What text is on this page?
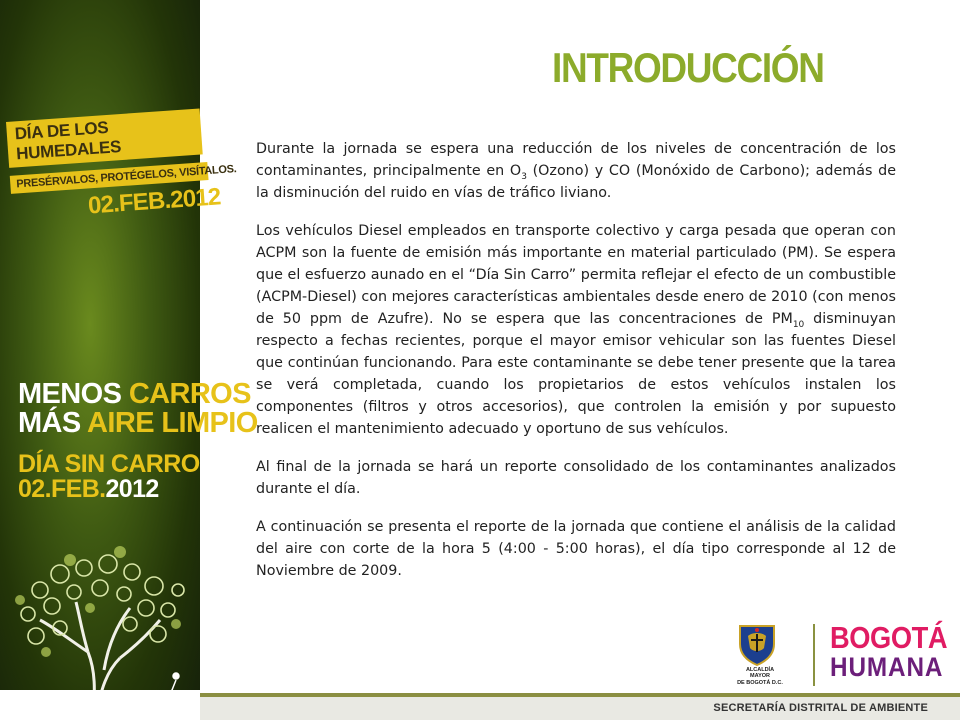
DÍA DE LOS HUMEDALES
PRESÉRVALOS, PROTÉGELOS, VISÍTALOS.
02.FEB.2012
MENOS CARROS
MÁS AIRE LIMPIO
DÍA SIN CARRO
02.FEB.2012
INTRODUCCIÓN

Durante la jornada se espera una reducción de los niveles de concentración de los contaminantes, principalmente en $O_3$ (Ozono) y CO (Monóxido de Carbono); además de la disminución del ruido en vías de tráfico liviano.

Los vehículos Diesel empleados en transporte colectivo y carga pesada que operan con ACPM son la fuente de emisión más importante en material particulado (PM). Se espera que el esfuerzo aunado en el “Día Sin Carro” permita reflejar el efecto de un combustible (ACPM-Diesel) con mejores características ambientales desde enero de 2010 (con menos de 50 ppm de Azufre). No se espera que las concentraciones de $PM_{10}$ disminuyan respecto a fechas recientes, porque el mayor emisor vehicular son las fuentes Diesel que continúan funcionando. Para este contaminante se debe tener presente que la tarea se verá completada, cuando los propietarios de estos vehículos instalen los componentes (filtros y otros accesorios), que controlen la emisión y por supuesto realicen el mantenimiento adecuado y oportuno de sus vehículos.

Al final de la jornada se hará un reporte consolidado de los contaminantes analizados durante el día.

A continuación se presenta el reporte de la jornada que contiene el análisis de la calidad del aire con corte de la hora 5 (4:00 - 5:00 horas), el día tipo corresponde al 12 de Noviembre de 2009.

ALCALDÍA MAYOR
DE BOGOTÁ D.C.
BOGOTÁ
HUMANA
SECRETARÍA DISTRITAL DE AMBIENTE
